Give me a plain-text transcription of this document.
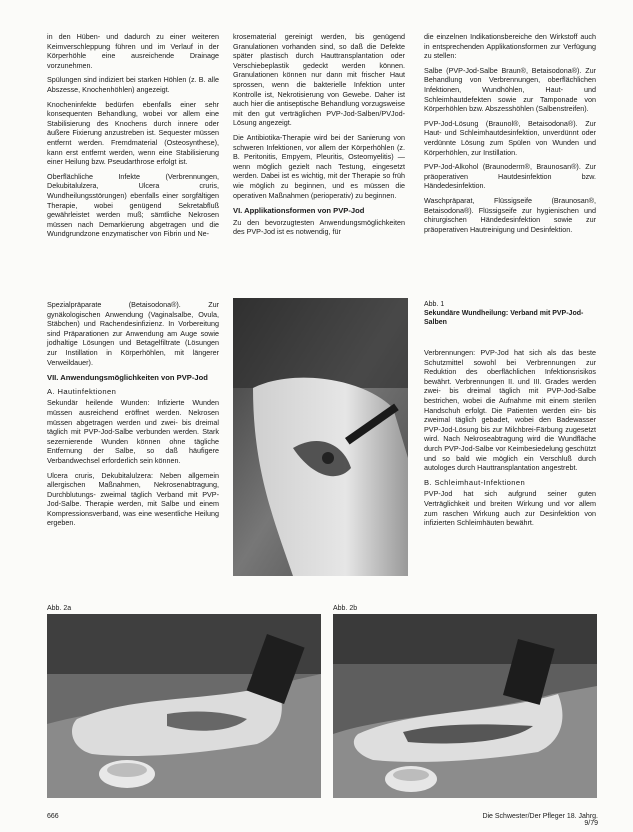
in den Hüben- und dadurch zu einer weiteren Keimverschleppung führen und im Verlauf in der Körperhöhle eine ausreichende Drainage vorzunehmen.

Spülungen sind indiziert bei starken Höhlen (z. B. alle Abszesse, Knochenhöhlen) angezeigt.

Knocheninfekte bedürfen ebenfalls einer sehr konsequenten Behandlung, wobei vor allem eine Stabilisierung des Knochens durch innere oder äußere Fixierung anzustreben ist. Sequester müssen entfernt werden. Fremdmaterial (Osteosynthese), kann erst entfernt werden, wenn eine Stabilisierung einer Heilung bzw. Pseudarthrose erfolgt ist.

Oberflächliche Infekte (Verbrennungen, Dekubitalulzera, Ulcera cruris, Wundheilungsstörungen) ebenfalls einer sorgfältigen Therapie, wobei genügend Sekretabfluß gewährleistet werden muß; sämtliche Nekrosen müssen nach Demarkierung abgetragen und die Wundgrundzone enzymatischer von Fibrin und Ne-

krosematerial gereinigt werden, bis genügend Granulationen vorhanden sind, so daß die Defekte später plastisch durch Hauttransplantation oder Verschiebeplastik gedeckt werden können. Granulationen können nur dann mit frischer Haut sprossen, wenn die bakterielle Infektion unter Kontrolle ist, Nekrotisierung von Gewebe. Daher ist auch hier die antiseptische Behandlung vorzugsweise mit den gut verträglichen PVP-Jod-Salben/PVJod-Lösung angezeigt.

Die Antibiotika-Therapie wird bei der Sanierung von schweren Infektionen, vor allem der Körperhöhlen (z. B. Peritonitis, Empyem, Pleuritis, Osteomyelitis) — wenn möglich gezielt nach Testung, eingesetzt werden. Dabei ist es wichtig, mit der Therapie so früh wie möglich zu beginnen, und es müssen die operativen Maßnahmen (perioperativ) zu beginnen.

VI. Applikationsformen von PVP-Jod

Zu den bevorzugtesten Anwendungsmöglichkeiten des PVP-Jod ist es notwendig, für

die einzelnen Indikationsbereiche den Wirkstoff auch in entsprechenden Applikationsformen zur Verfügung zu stellen:

Salbe (PVP-Jod-Salbe Braun®, Betaisodona®). Zur Behandlung von Verbrennungen, oberflächlichen Infektionen, Wundhöhlen, Haut- und Schleimhautdefekten sowie zur Tamponade von Körperhöhlen bzw. Abszesshöhlen (Salbenstreifen).

PVP-Jod-Lösung (Braunol®, Betaisodona®). Zur Haut- und Schleimhautdesinfektion, unverdünnt oder verdünnte Lösung zum Spülen von Wunden und Körperhöhlen, zur Instillation.

PVP-Jod-Alkohol (Braunoderm®, Braunosan®). Zur präoperativen Hautdesinfektion bzw. Händedesinfektion.

Waschpräparat, Flüssigseife (Braunosan®, Betaisodona®). Flüssigseife zur hygienischen und chirurgischen Händedesinfektion sowie zur präoperativen Hautreinigung und Desinfektion.

Spezialpräparate (Betaisodona®). Zur gynäkologischen Anwendung (Vaginalsalbe, Ovula, Stäbchen) und Rachendesinfizienz. In Vorbereitung sind Präparationen zur Anwendung am Auge sowie jodhaltige Lösungen und Betagelfiltrate (Lösungen zur Instillation in Körperhöhlen, mit längerer Verweildauer).

VII. Anwendungsmöglichkeiten von PVP-Jod
A. Hautinfektionen

Sekundär heilende Wunden: Infizierte Wunden müssen ausreichend eröffnet werden. Nekrosen müssen abgetragen werden und zwei- bis dreimal täglich mit PVP-Jod-Salbe verbunden werden. Stark sezernierende Wunden können ohne tägliche Entfernung der Salbe, so daß häufigere Verbandwechsel erforderlich sein können.

Ulcera cruris, Dekubitalulzera: Neben allgemein allergischen Maßnahmen, Nekrosenabtragung, Durchblutungs- zweimal täglich Verband mit PVP-Jod-Salbe. Therapie werden, mit Salbe und einem Kompressionsverband, was eine wesentliche Heilung ergeben.

Abb. 1
Sekundäre Wundheilung: Verband mit PVP-Jod-Salben

Verbrennungen: PVP-Jod hat sich als das beste Schutzmittel sowohl bei Verbrennungen zur Reduktion des oberflächlichen Infektionsrisikos bewährt. Verbrennungen II. und III. Grades werden zwei- bis dreimal täglich mit PVP-Jod-Salbe bestrichen, wobei die Aufnahme mit einem sterilen Handschuh erfolgt. Die Patienten werden ein- bis zweimal täglich gebadet, wobei den Badewasser PVP-Jod-Lösung bis zur Milchbrei-Färbung zugesetzt wird. Nach Nekroseabtragung wird die Wundfläche durch PVP-Jod-Salbe vor Keimbesiedelung geschützt und so bald wie möglich ein Verschluß durch autologes durch Hauttransplantation angestrebt.

B. Schleimhaut-Infektionen

PVP-Jod hat sich aufgrund seiner guten Verträglichkeit und breiten Wirkung und vor allem zum raschen Wirkung auch zur Desinfektion von infizierten Schleimhäuten bewährt.

Abb. 2a	Abb. 2b
666	Die Schwester/Der Pfleger 18. Jahrg. 9/79
